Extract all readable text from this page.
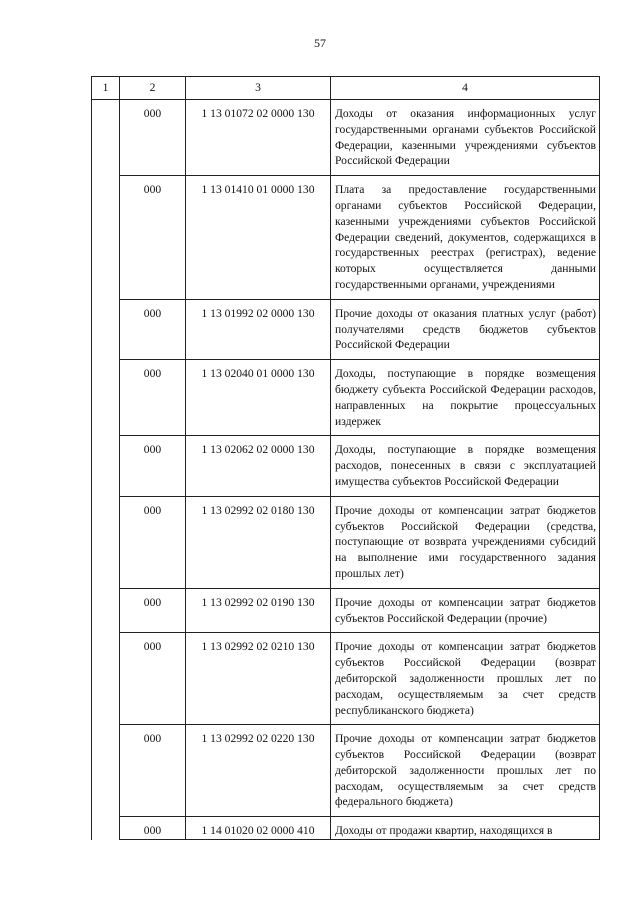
57
1	2	3	4

	000	1 13 01072 02 0000 130	Доходы от оказания информационных услуг государственными органами субъектов Российской Федерации, казенными учреждениями субъектов Российской Федерации

	000	1 13 01410 01 0000 130	Плата за предоставление государственными органами субъектов Российской Федерации, казенными учреждениями субъектов Российской Федерации сведений, документов, содержащихся в государственных реестрах (регистрах), ведение которых осуществляется данными государственными органами, учреждениями

	000	1 13 01992 02 0000 130	Прочие доходы от оказания платных услуг (работ) получателями средств бюджетов субъектов Российской Федерации

	000	1 13 02040 01 0000 130	Доходы, поступающие в порядке возмещения бюджету субъекта Российской Федерации расходов, направленных на покрытие процессуальных издержек

	000	1 13 02062 02 0000 130	Доходы, поступающие в порядке возмещения расходов, понесенных в связи с эксплуатацией имущества субъектов Российской Федерации

	000	1 13 02992 02 0180 130	Прочие доходы от компенсации затрат бюджетов субъектов Российской Федерации (средства, поступающие от возврата учреждениями субсидий на выполнение ими государственного задания прошлых лет)

	000	1 13 02992 02 0190 130	Прочие доходы от компенсации затрат бюджетов субъектов Российской Федерации (прочие)

	000	1 13 02992 02 0210 130	Прочие доходы от компенсации затрат бюджетов субъектов Российской Федерации (возврат дебиторской задолженности прошлых лет по расходам, осуществляемым за счет средств республиканского бюджета)

	000	1 13 02992 02 0220 130	Прочие доходы от компенсации затрат бюджетов субъектов Российской Федерации (возврат дебиторской задолженности прошлых лет по расходам, осуществляемым за счет средств федерального бюджета)

	000	1 14 01020 02 0000 410	Доходы от продажи квартир, находящихся в
